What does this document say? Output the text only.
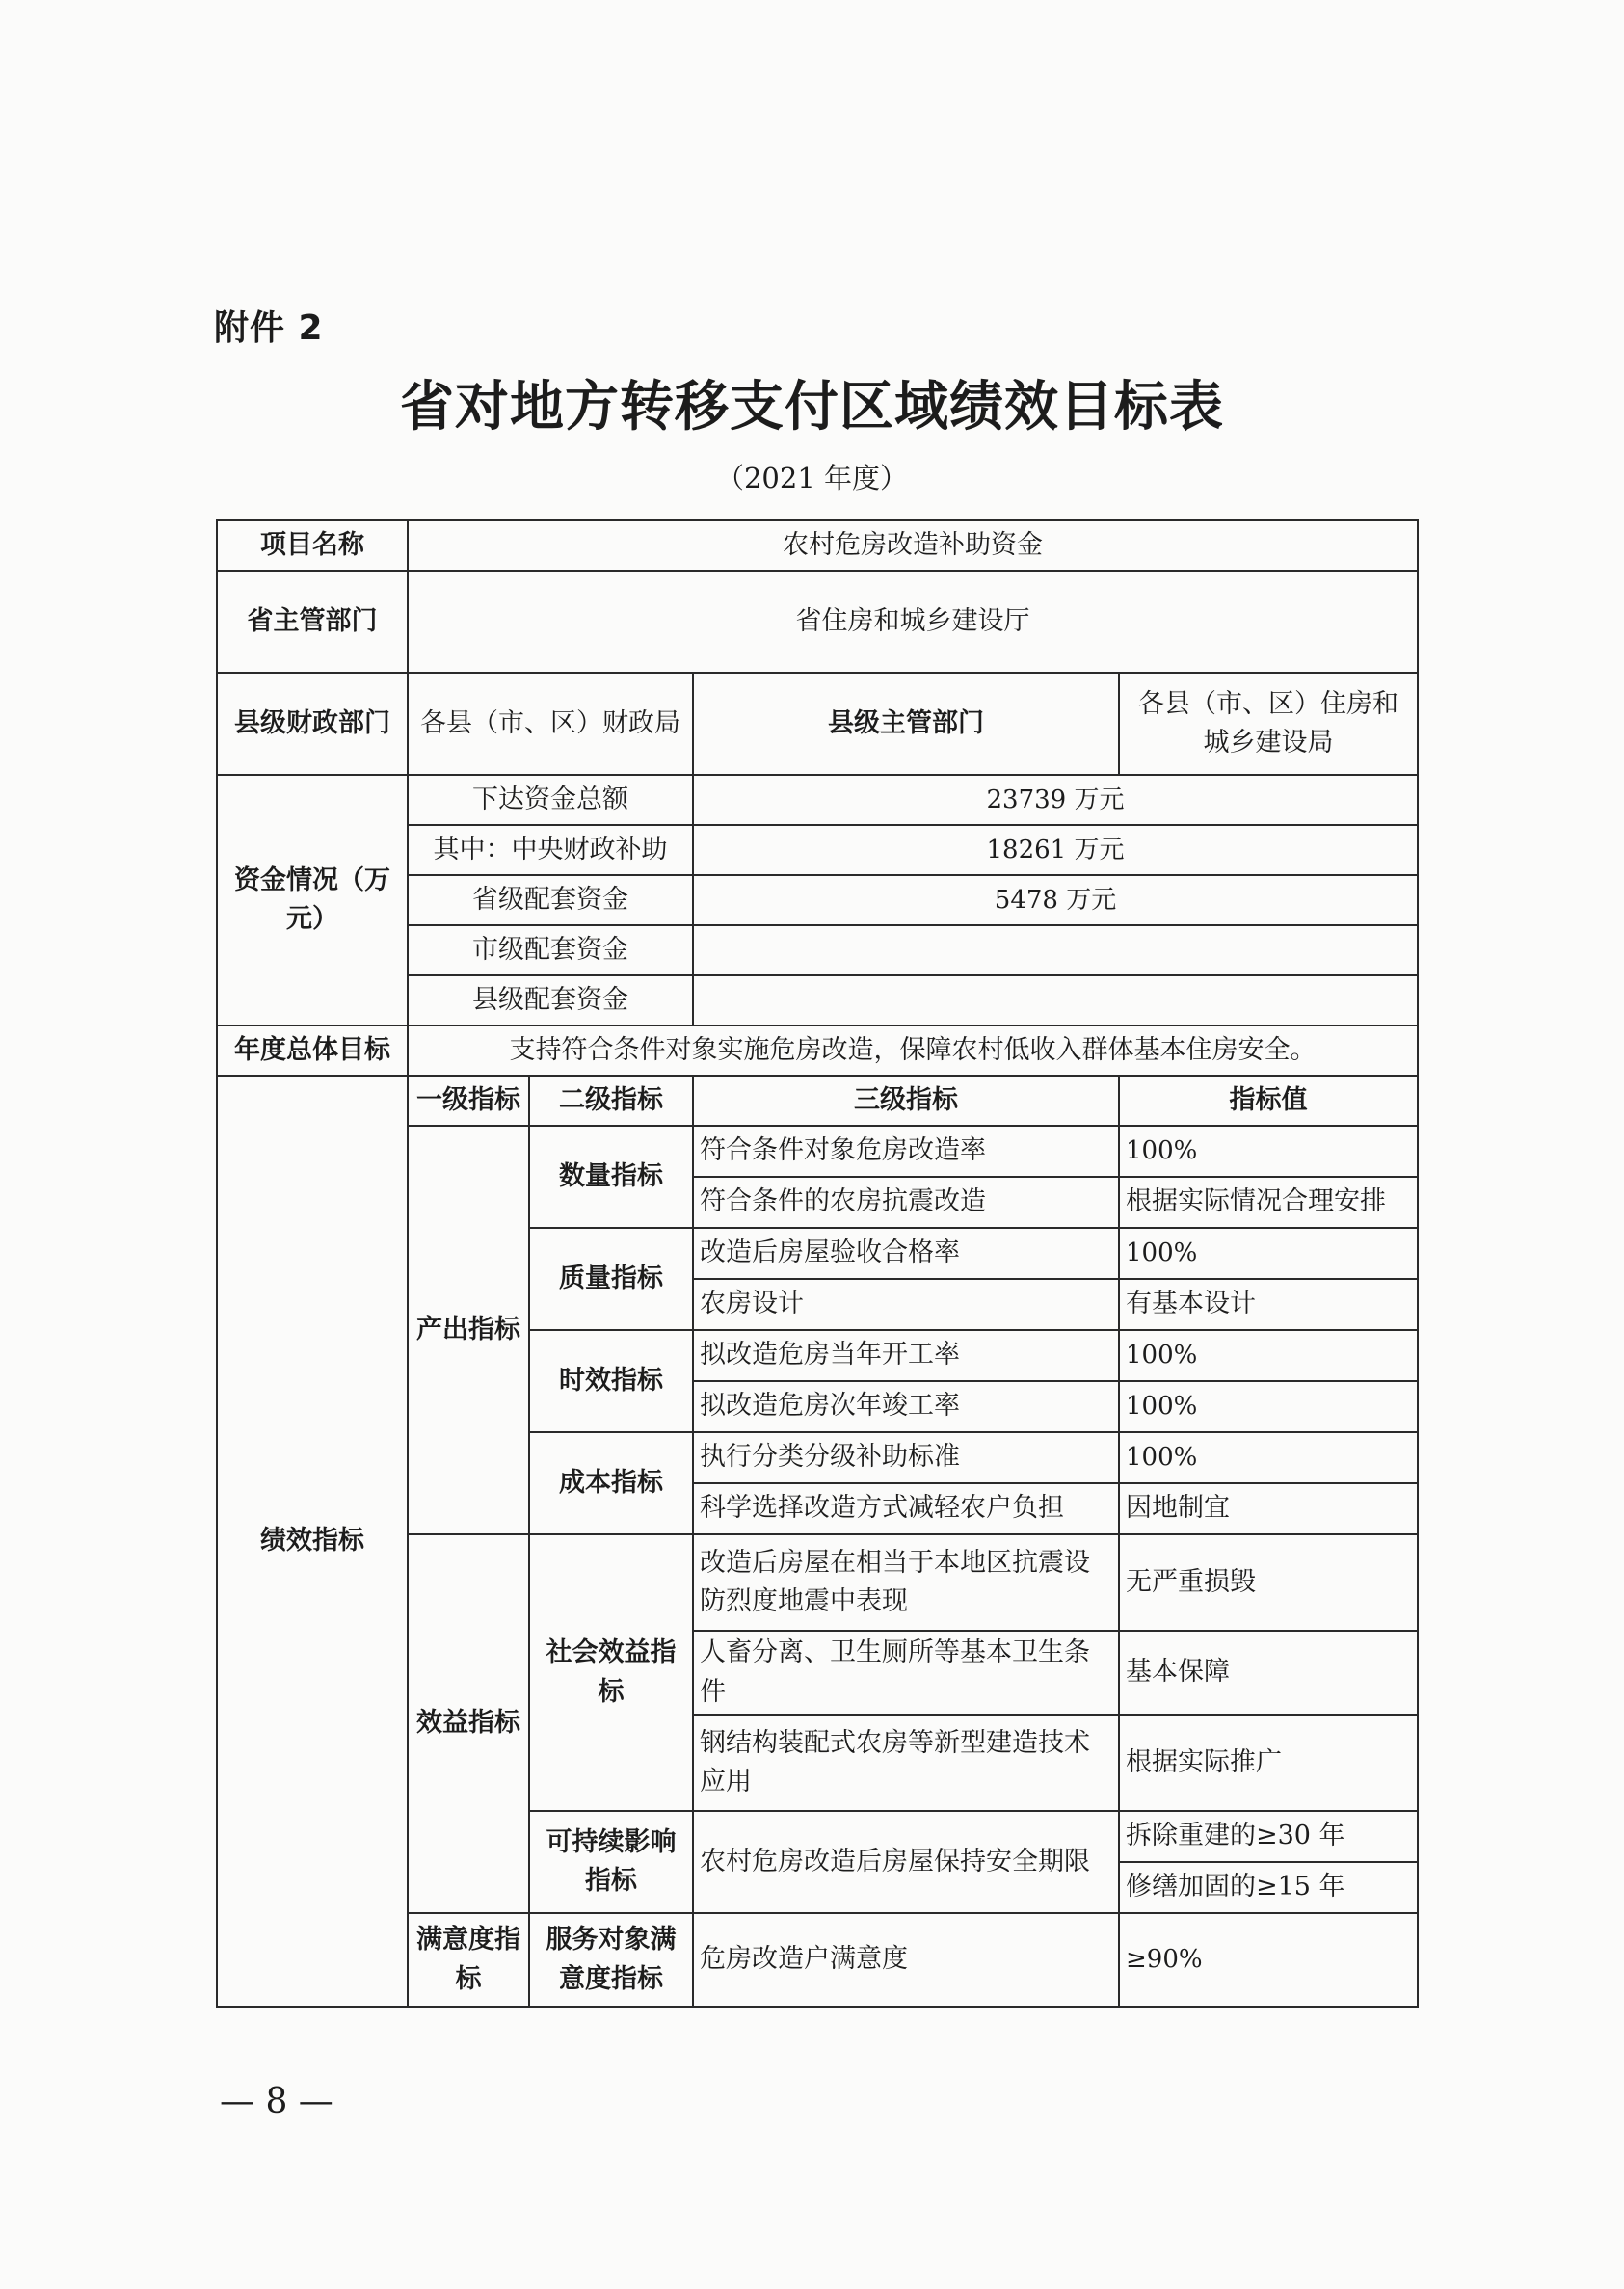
附件 2
省对地方转移支付区域绩效目标表
（2021 年度）
项目名称	农村危房改造补助资金			
省主管部门	省住房和城乡建设厅			
县级财政部门	各县（市、区）财政局		县级主管部门	各县（市、区）住房和城乡建设局
资金情况（万元）	下达资金总额		23739 万元	
	其中：中央财政补助		18261 万元	
	省级配套资金		5478 万元	
	市级配套资金			
	县级配套资金			
年度总体目标	支持符合条件对象实施危房改造，保障农村低收入群体基本住房安全。			
绩效指标	一级指标	二级指标	三级指标	指标值
	产出指标	数量指标	符合条件对象危房改造率	100%
			符合条件的农房抗震改造	根据实际情况合理安排
		质量指标	改造后房屋验收合格率	100%
			农房设计	有基本设计
		时效指标	拟改造危房当年开工率	100%
			拟改造危房次年竣工率	100%
		成本指标	执行分类分级补助标准	100%
			科学选择改造方式减轻农户负担	因地制宜
	效益指标	社会效益指标	改造后房屋在相当于本地区抗震设防烈度地震中表现	无严重损毁
			人畜分离、卫生厕所等基本卫生条件	基本保障
			钢结构装配式农房等新型建造技术应用	根据实际推广
		可持续影响指标	农村危房改造后房屋保持安全期限	拆除重建的≥30 年
				修缮加固的≥15 年
	满意度指标	服务对象满意度指标	危房改造户满意度	≥90%
— 8 —
